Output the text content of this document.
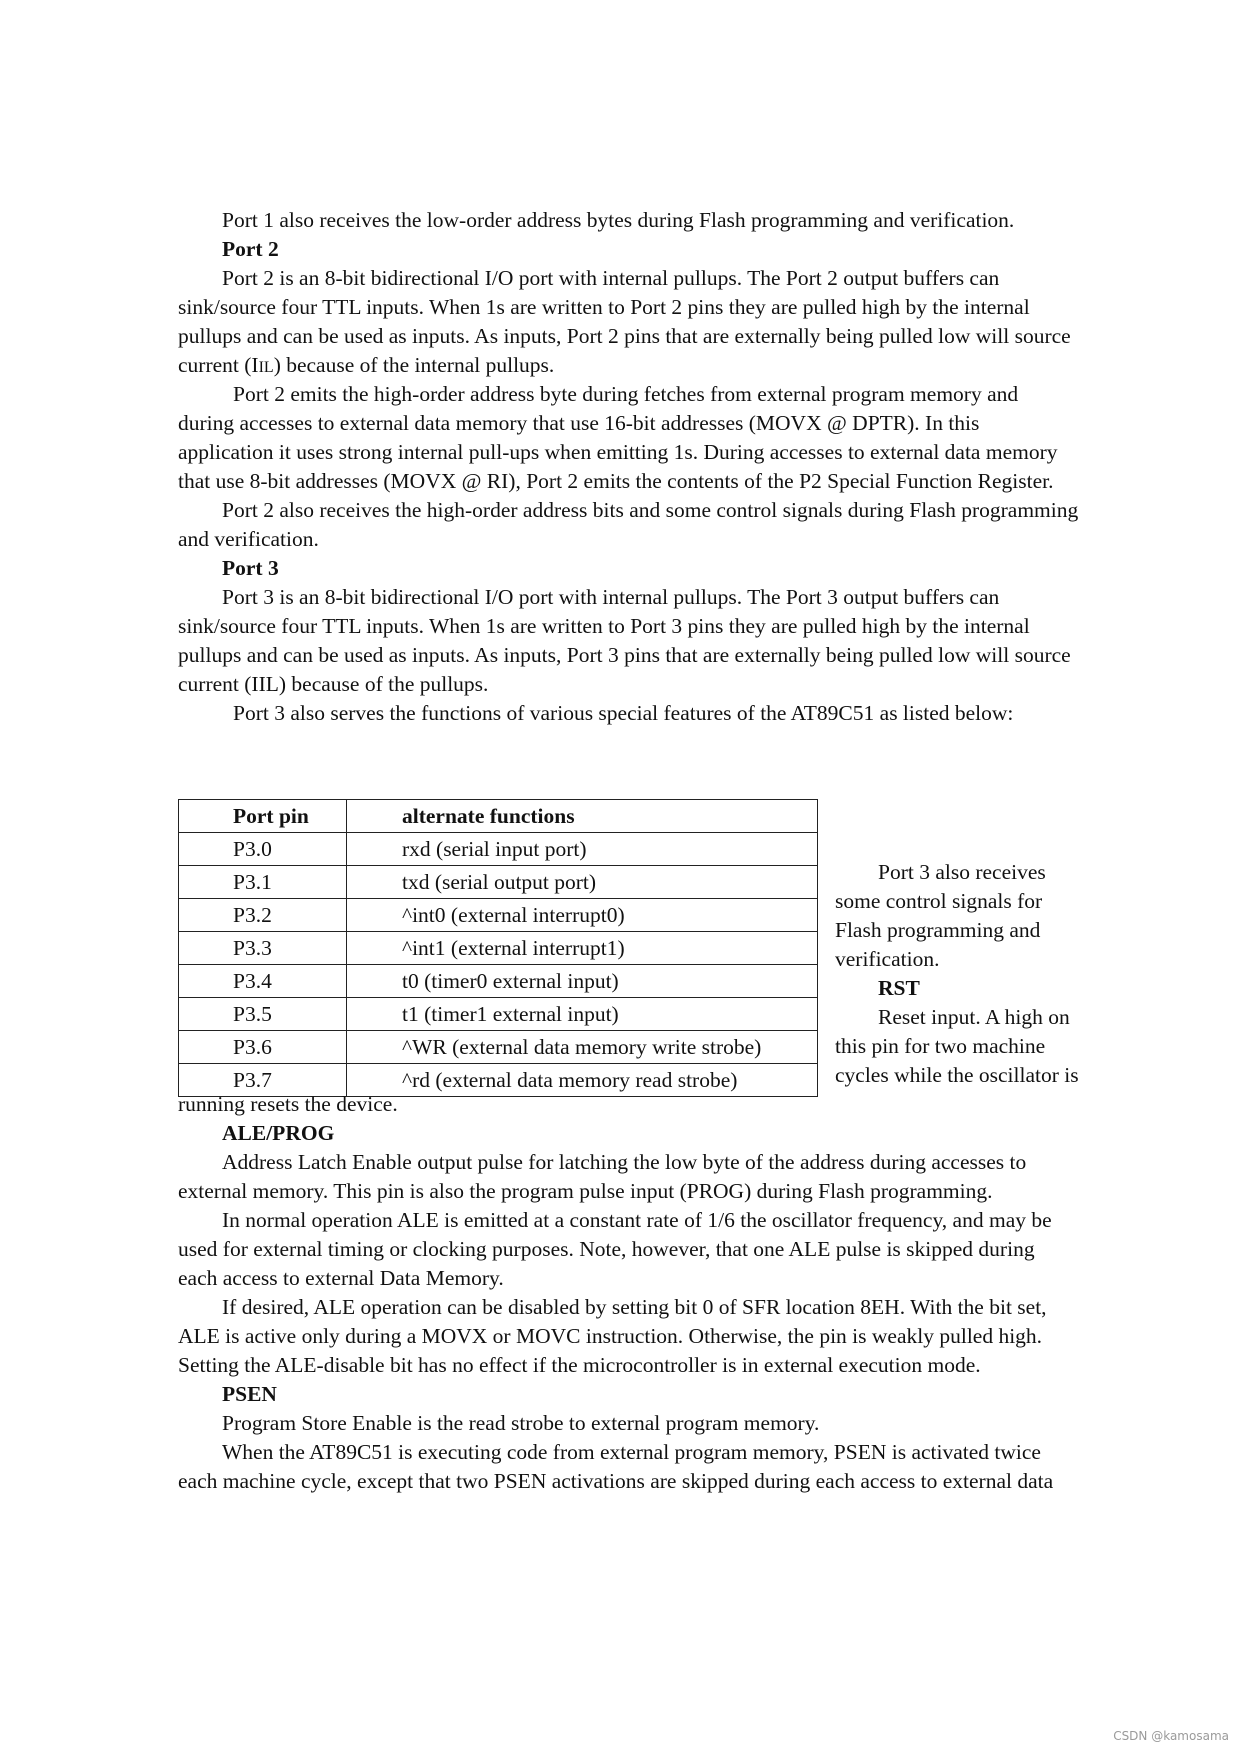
Port 1 also receives the low-order address bytes during Flash programming and verification.
Port 2
Port 2 is an 8-bit bidirectional I/O port with internal pullups. The Port 2 output buffers can
sink/source four TTL inputs. When 1s are written to Port 2 pins they are pulled high by the internal
pullups and can be used as inputs. As inputs, Port 2 pins that are externally being pulled low will source
current (IIL) because of the internal pullups.
Port 2 emits the high-order address byte during fetches from external program memory and
during accesses to external data memory that use 16-bit addresses (MOVX @ DPTR). In this
application it uses strong internal pull-ups when emitting 1s. During accesses to external data memory
that use 8-bit addresses (MOVX @ RI), Port 2 emits the contents of the P2 Special Function Register.
Port 2 also receives the high-order address bits and some control signals during Flash programming
and verification.
Port 3
Port 3 is an 8-bit bidirectional I/O port with internal pullups. The Port 3 output buffers can
sink/source four TTL inputs. When 1s are written to Port 3 pins they are pulled high by the internal
pullups and can be used as inputs. As inputs, Port 3 pins that are externally being pulled low will source
current (IIL) because of the pullups.
Port 3 also serves the functions of various special features of the AT89C51 as listed below:
Port pin	alternate functions
P3.0	rxd (serial input port)
P3.1	txd (serial output port)
P3.2	^int0 (external interrupt0)
P3.3	^int1 (external interrupt1)
P3.4	t0 (timer0 external input)
P3.5	t1 (timer1 external input)
P3.6	^WR (external data memory write strobe)
P3.7	^rd (external data memory read strobe)
Port 3 also receives
some control signals for
Flash programming and
verification.
RST
Reset input. A high on
this pin for two machine
cycles while the oscillator is
running resets the device.
ALE/PROG
Address Latch Enable output pulse for latching the low byte of the address during accesses to
external memory. This pin is also the program pulse input (PROG) during Flash programming.
In normal operation ALE is emitted at a constant rate of 1/6 the oscillator frequency, and may be
used for external timing or clocking purposes. Note, however, that one ALE pulse is skipped during
each access to external Data Memory.
If desired, ALE operation can be disabled by setting bit 0 of SFR location 8EH. With the bit set,
ALE is active only during a MOVX or MOVC instruction. Otherwise, the pin is weakly pulled high.
Setting the ALE-disable bit has no effect if the microcontroller is in external execution mode.
PSEN
Program Store Enable is the read strobe to external program memory.
When the AT89C51 is executing code from external program memory, PSEN is activated twice
each machine cycle, except that two PSEN activations are skipped during each access to external data
CSDN @kamosama
